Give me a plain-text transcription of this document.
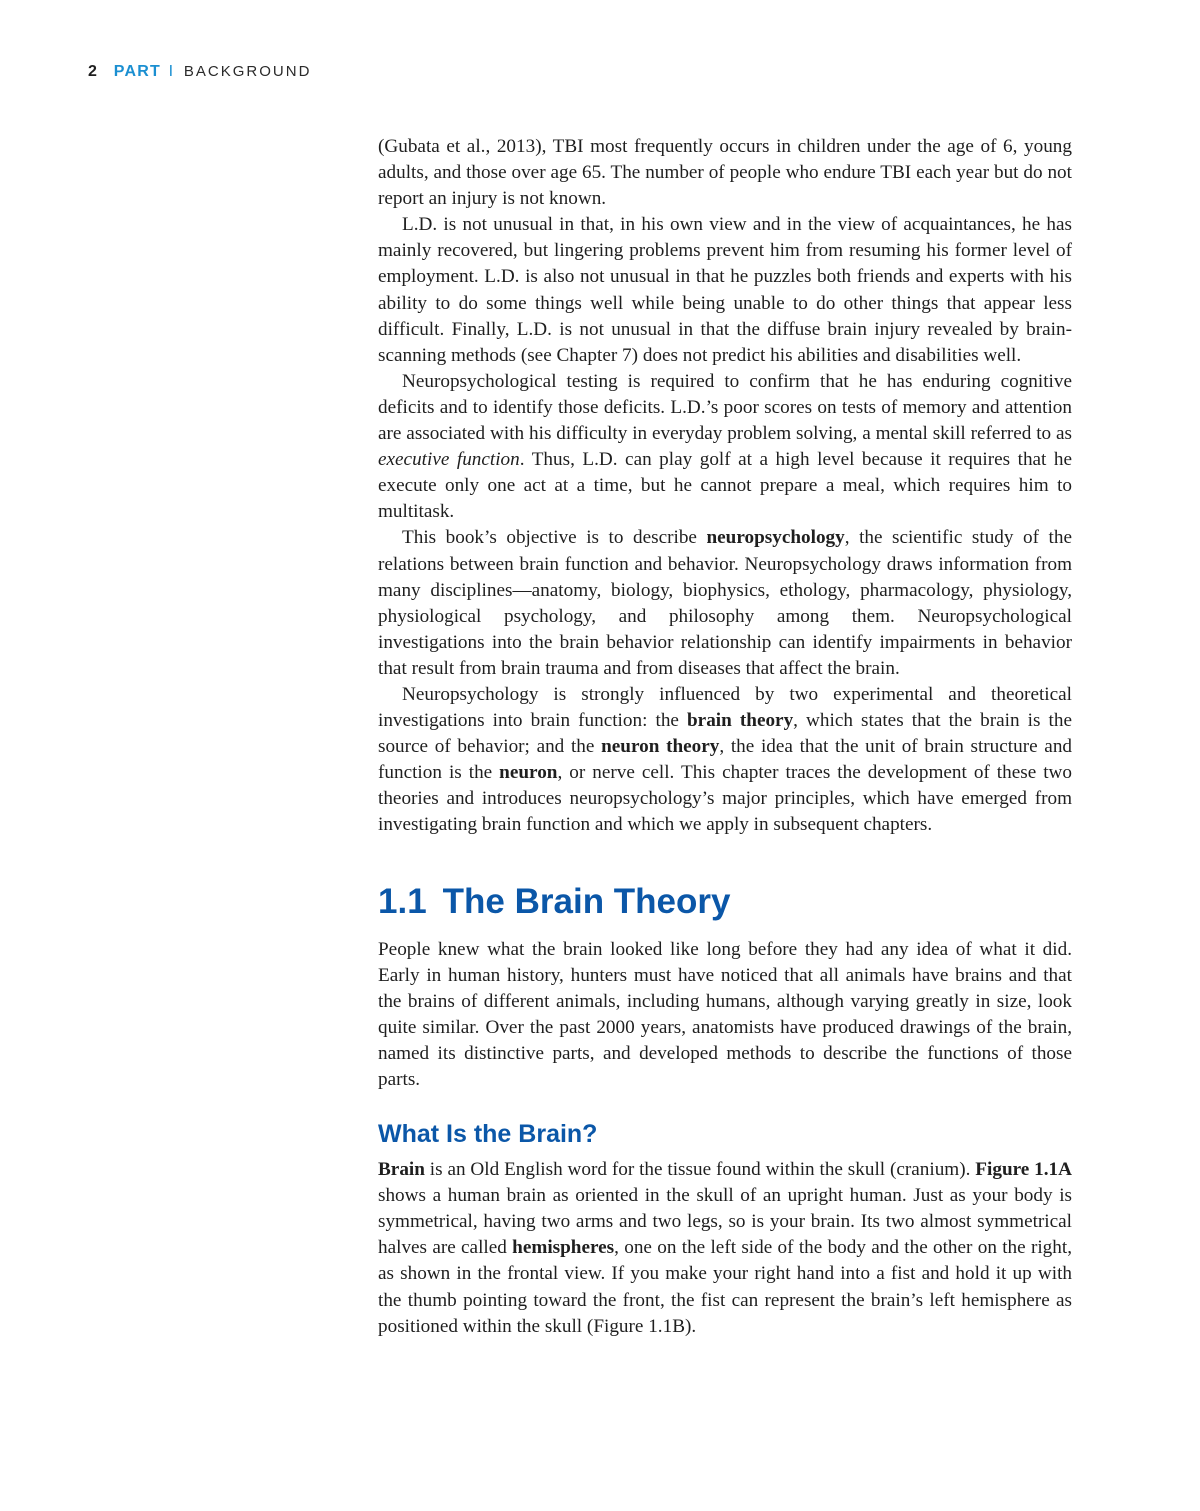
2 PART I BACKGROUND

(Gubata et al., 2013), TBI most frequently occurs in children under the age of 6, young adults, and those over age 65. The number of people who endure TBI each year but do not report an injury is not known.

L.D. is not unusual in that, in his own view and in the view of acquaintances, he has mainly recovered, but lingering problems prevent him from resuming his former level of employment. L.D. is also not unusual in that he puzzles both friends and experts with his ability to do some things well while being unable to do other things that appear less difficult. Finally, L.D. is not unusual in that the diffuse brain injury revealed by brain-scanning methods (see Chapter 7) does not predict his abilities and disabilities well.

Neuropsychological testing is required to confirm that he has enduring cognitive deficits and to identify those deficits. L.D.’s poor scores on tests of memory and attention are associated with his difficulty in everyday problem solving, a mental skill referred to as executive function. Thus, L.D. can play golf at a high level because it requires that he execute only one act at a time, but he cannot prepare a meal, which requires him to multitask.

This book’s objective is to describe neuropsychology, the scientific study of the relations between brain function and behavior. Neuropsychology draws information from many disciplines—anatomy, biology, biophysics, ethology, pharmacology, physiology, physiological psychology, and philosophy among them. Neuropsychological investigations into the brain behavior relationship can identify impairments in behavior that result from brain trauma and from diseases that affect the brain.

Neuropsychology is strongly influenced by two experimental and theoretical investigations into brain function: the brain theory, which states that the brain is the source of behavior; and the neuron theory, the idea that the unit of brain structure and function is the neuron, or nerve cell. This chapter traces the development of these two theories and introduces neuropsychology’s major principles, which have emerged from investigating brain function and which we apply in subsequent chapters.

1.1 The Brain Theory

People knew what the brain looked like long before they had any idea of what it did. Early in human history, hunters must have noticed that all animals have brains and that the brains of different animals, including humans, although varying greatly in size, look quite similar. Over the past 2000 years, anatomists have produced drawings of the brain, named its distinctive parts, and developed methods to describe the functions of those parts.

What Is the Brain?

Brain is an Old English word for the tissue found within the skull (cranium). Figure 1.1A shows a human brain as oriented in the skull of an upright human. Just as your body is symmetrical, having two arms and two legs, so is your brain. Its two almost symmetrical halves are called hemispheres, one on the left side of the body and the other on the right, as shown in the frontal view. If you make your right hand into a fist and hold it up with the thumb pointing toward the front, the fist can represent the brain’s left hemisphere as positioned within the skull (Figure 1.1B).
